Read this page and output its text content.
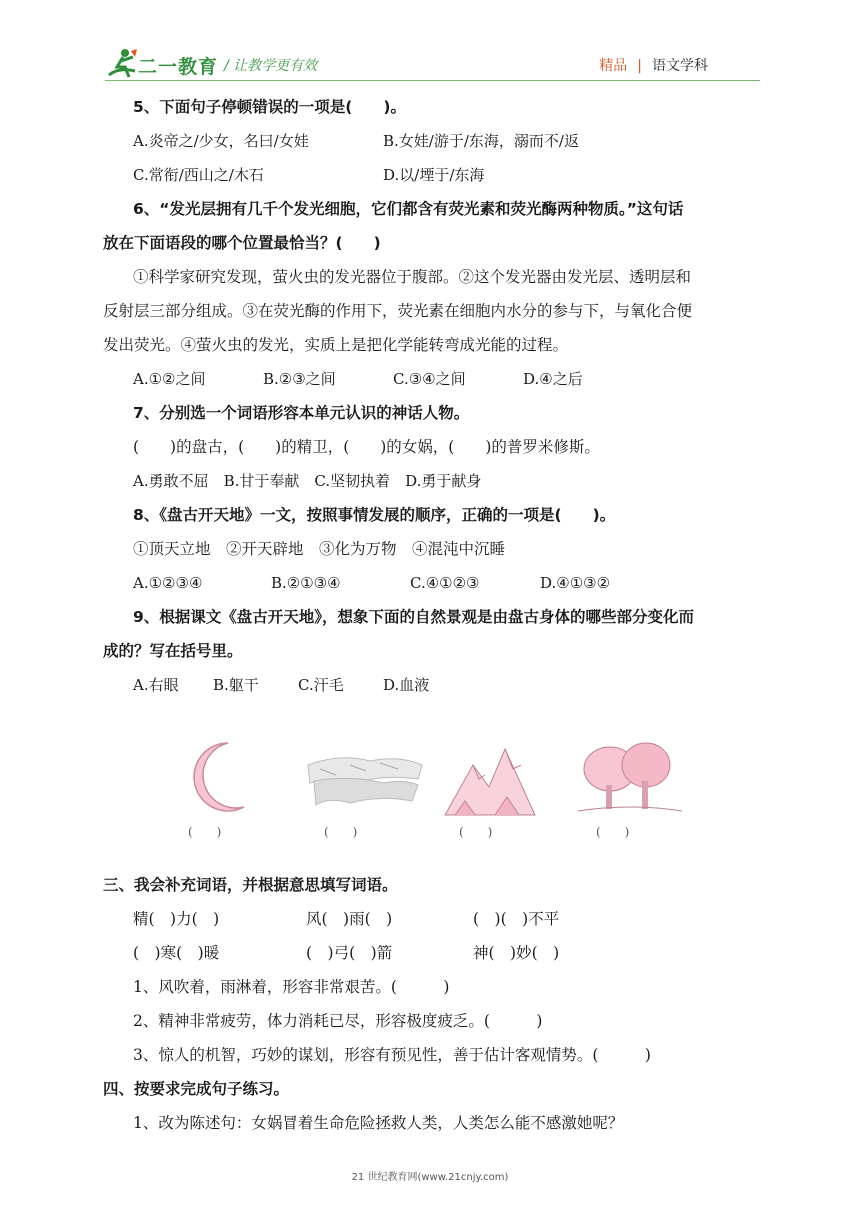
二一教育 / 让教学更有效	精品 | 语文学科
5、下面句子停顿错误的一项是(　　)。
A.炎帝之/少女，名曰/女娃	B.女娃/游于/东海，溺而不/返
C.常衔/西山之/木石	D.以/堙于/东海
6、“发光层拥有几千个发光细胞，它们都含有荧光素和荧光酶两种物质。”这句话
放在下面语段的哪个位置最恰当？(　　)
①科学家研究发现，萤火虫的发光器位于腹部。②这个发光器由发光层、透明层和
反射层三部分组成。③在荧光酶的作用下，荧光素在细胞内水分的参与下，与氧化合便
发出荧光。④萤火虫的发光，实质上是把化学能转弯成光能的过程。
A.①②之间	B.②③之间	C.③④之间	D.④之后
7、分别选一个词语形容本单元认识的神话人物。
(　　)的盘古，(　　)的精卫，(　　)的女娲，(　　)的普罗米修斯。
A.勇敢不屈　B.甘于奉献　C.坚韧执着　D.勇于献身
8、《盘古开天地》一文，按照事情发展的顺序，正确的一项是(　　)。
①顶天立地　②开天辟地　③化为万物　④混沌中沉睡
A.①②③④	B.②①③④	C.④①②③	D.④①③②
9、根据课文《盘古开天地》，想象下面的自然景观是由盘古身体的哪些部分变化而
成的？写在括号里。
A.右眼 B.躯干	C.汗毛	D.血液
(　　)	(　　)	(　　)	(　　)
三、我会补充词语，并根据意思填写词语。
精(　)力(　)	风(　)雨(　)	(　)(　)不平
(　)寒(　)暖	(　)弓(　)箭	神(　)妙(　)
1、风吹着，雨淋着，形容非常艰苦。(　　　)
2、精神非常疲劳，体力消耗已尽，形容极度疲乏。(　　　)
3、惊人的机智，巧妙的谋划，形容有预见性，善于估计客观情势。(　　　)
四、按要求完成句子练习。
1、改为陈述句：女娲冒着生命危险拯救人类，人类怎么能不感激她呢？
21 世纪教育网(www.21cnjy.com)
